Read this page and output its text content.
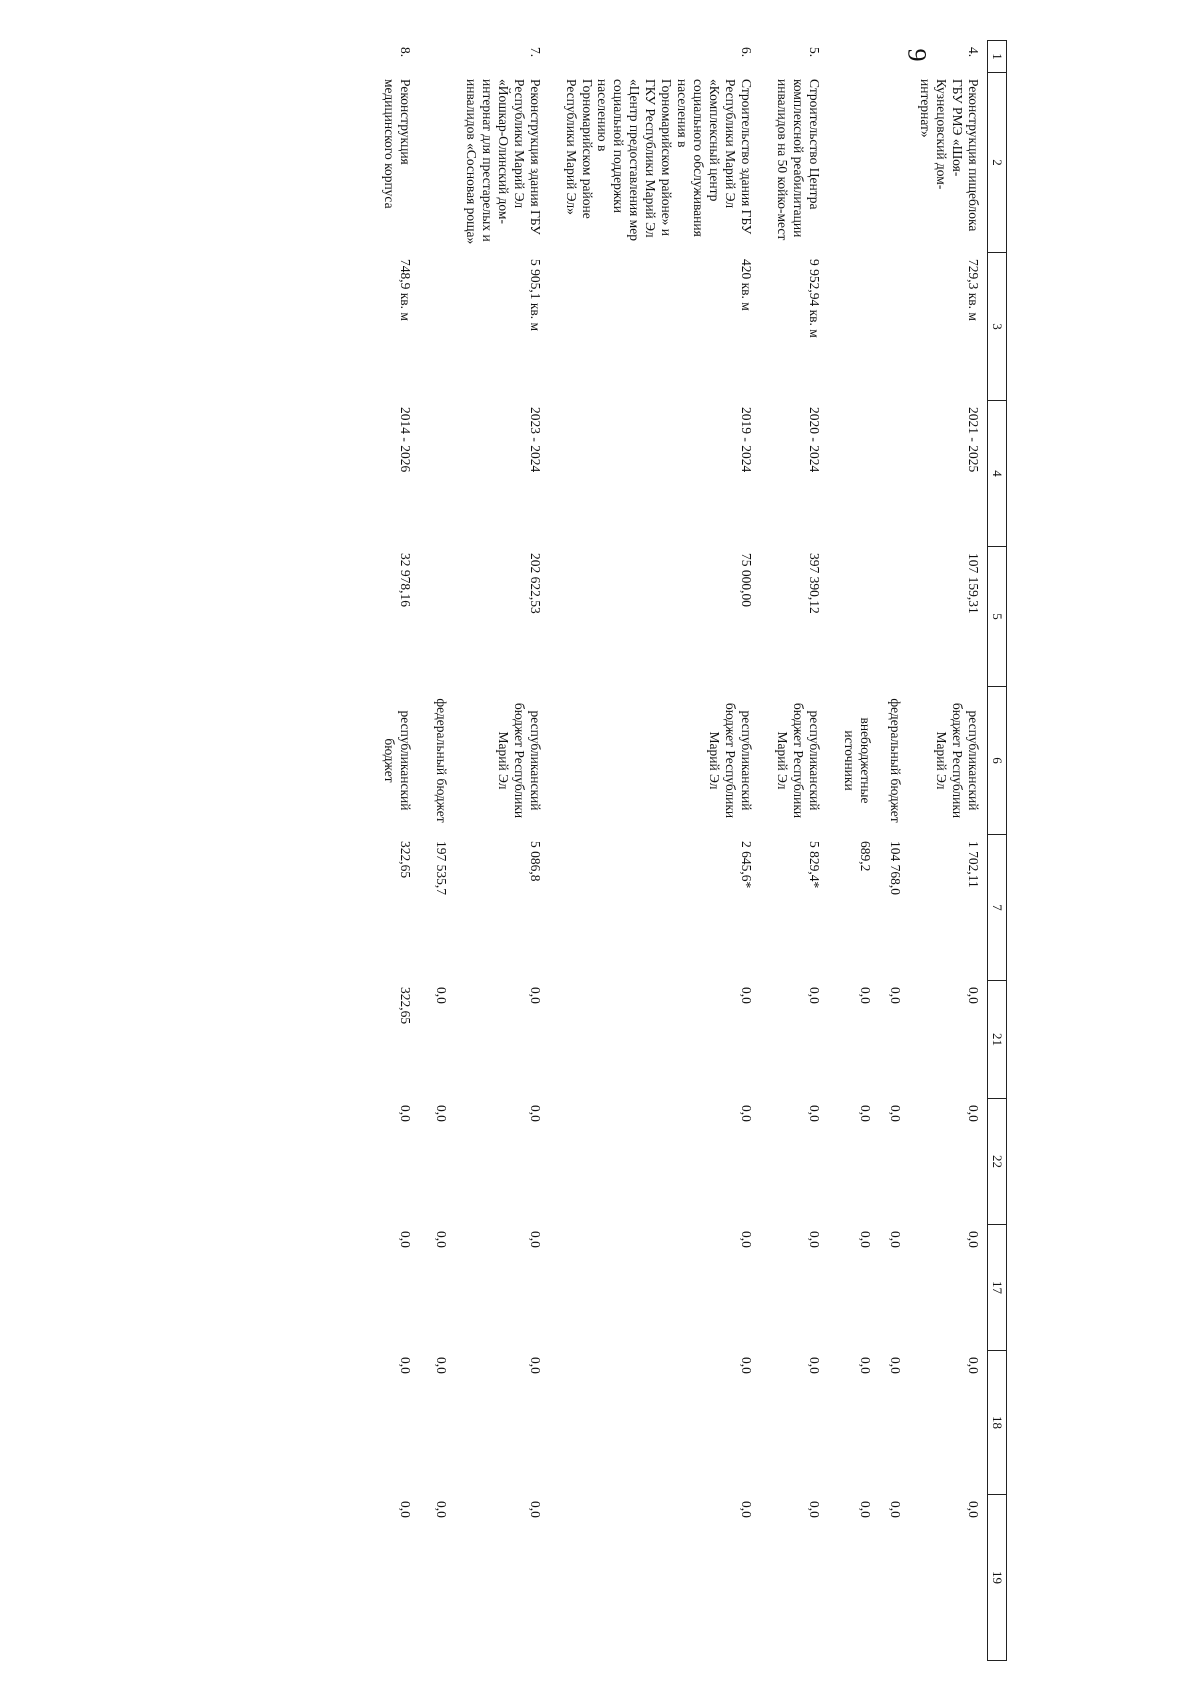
9	1	2	3	4	5	6	7	21	22	17	18	19
4.	Реконструкция пищеблока ГБУ РМЭ «Шоя-Кузнецовский дом-интернат»	729,3 кв. м	2021 - 2025	107 159,31	республиканский бюджет Республики Марий Эл	1 702,11	0,0	0,0	0,0	0,0	0,0
					федеральный бюджет	104 768,0	0,0	0,0	0,0	0,0	0,0
					внебюджетные источники	689,2	0,0	0,0	0,0	0,0	0,0
5.	Строительство Центра комплексной реабилитации инвалидов на 50 койко-мест	9 952,94 кв. м	2020 - 2024	397 390,12	республиканский бюджет Республики Марий Эл	5 829,4*	0,0	0,0	0,0	0,0	0,0
6.	Строительство здания ГБУ Республики Марий Эл «Комплексный центр социального обслуживания населения в Горномарийском районе» и ГКУ Республики Марий Эл «Центр предоставления мер социальной поддержки населению в Горномарийском районе Республики Марий Эл»	420 кв. м	2019 - 2024	75 000,00	республиканский бюджет Республики Марий Эл	2 645,6*	0,0	0,0	0,0	0,0	0,0
7.	Реконструкция здания ГБУ Республики Марий Эл «Йошкар-Олинский дом-интернат для престарелых и инвалидов «Сосновая роща»	5 905,1 кв. м	2023 - 2024	202 622,53	республиканский бюджет Республики Марий Эл	5 086,8	0,0	0,0	0,0	0,0	0,0
					федеральный бюджет	197 535,7	0,0	0,0	0,0	0,0	0,0
8.	Реконструкция медицинского корпуса	748,9 кв. м	2014 - 2026	32 978,16	республиканский бюджет	322,65	322,65	0,0	0,0	0,0	0,0
